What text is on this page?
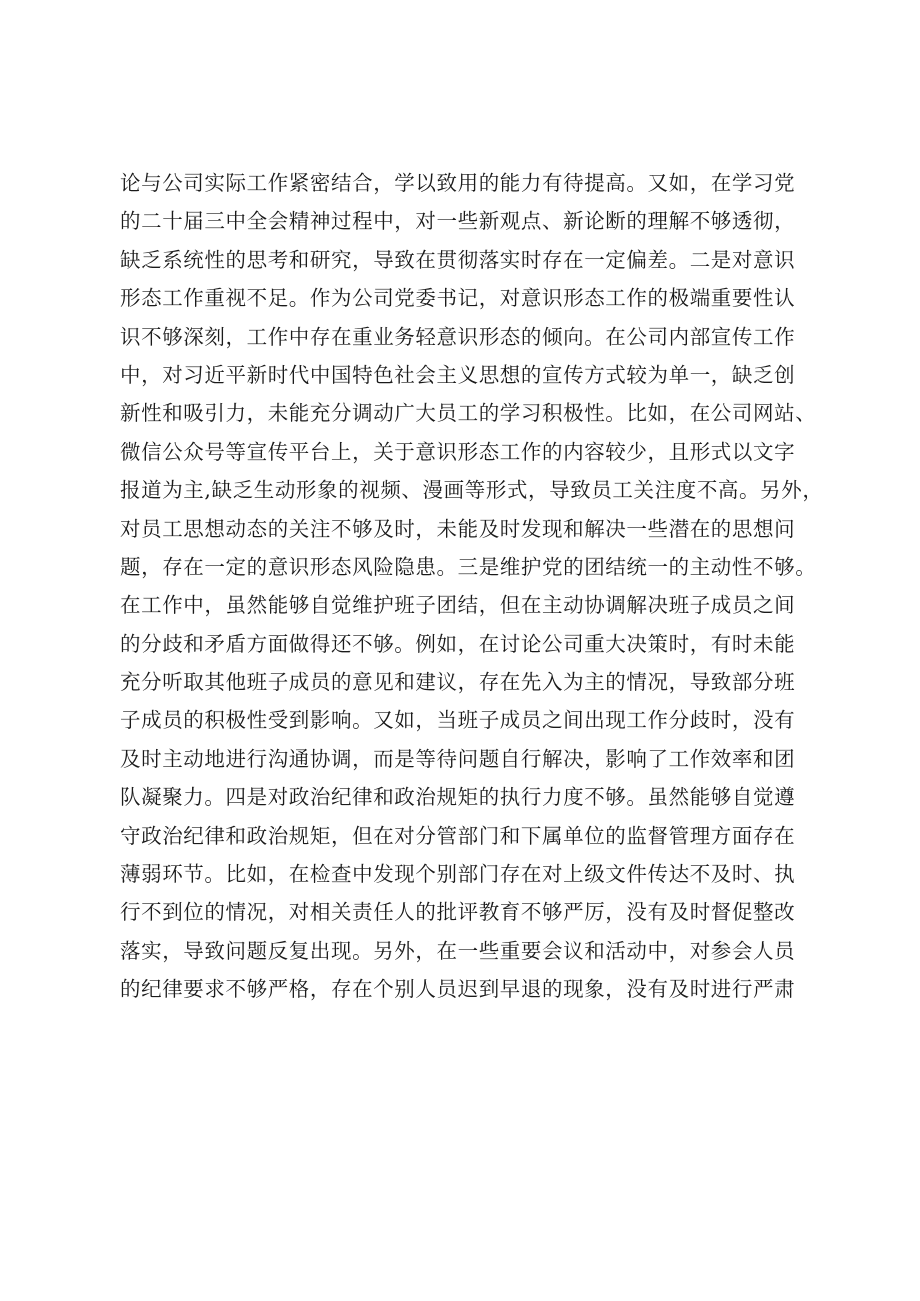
论与公司实际工作紧密结合，学以致用的能力有待提高。又如，在学习党
的二十届三中全会精神过程中，对一些新观点、新论断的理解不够透彻，
缺乏系统性的思考和研究，导致在贯彻落实时存在一定偏差。二是对意识
形态工作重视不足。作为公司党委书记，对意识形态工作的极端重要性认
识不够深刻，工作中存在重业务轻意识形态的倾向。在公司内部宣传工作
中，对习近平新时代中国特色社会主义思想的宣传方式较为单一，缺乏创
新性和吸引力，未能充分调动广大员工的学习积极性。比如，在公司网站、
微信公众号等宣传平台上，关于意识形态工作的内容较少，且形式以文字
报道为主,缺乏生动形象的视频、漫画等形式，导致员工关注度不高。另外，
对员工思想动态的关注不够及时，未能及时发现和解决一些潜在的思想问
题，存在一定的意识形态风险隐患。三是维护党的团结统一的主动性不够。
在工作中，虽然能够自觉维护班子团结，但在主动协调解决班子成员之间
的分歧和矛盾方面做得还不够。例如，在讨论公司重大决策时，有时未能
充分听取其他班子成员的意见和建议，存在先入为主的情况，导致部分班
子成员的积极性受到影响。又如，当班子成员之间出现工作分歧时，没有
及时主动地进行沟通协调，而是等待问题自行解决，影响了工作效率和团
队凝聚力。四是对政治纪律和政治规矩的执行力度不够。虽然能够自觉遵
守政治纪律和政治规矩，但在对分管部门和下属单位的监督管理方面存在
薄弱环节。比如，在检查中发现个别部门存在对上级文件传达不及时、执
行不到位的情况，对相关责任人的批评教育不够严厉，没有及时督促整改
落实，导致问题反复出现。另外，在一些重要会议和活动中，对参会人员
的纪律要求不够严格，存在个别人员迟到早退的现象，没有及时进行严肃
